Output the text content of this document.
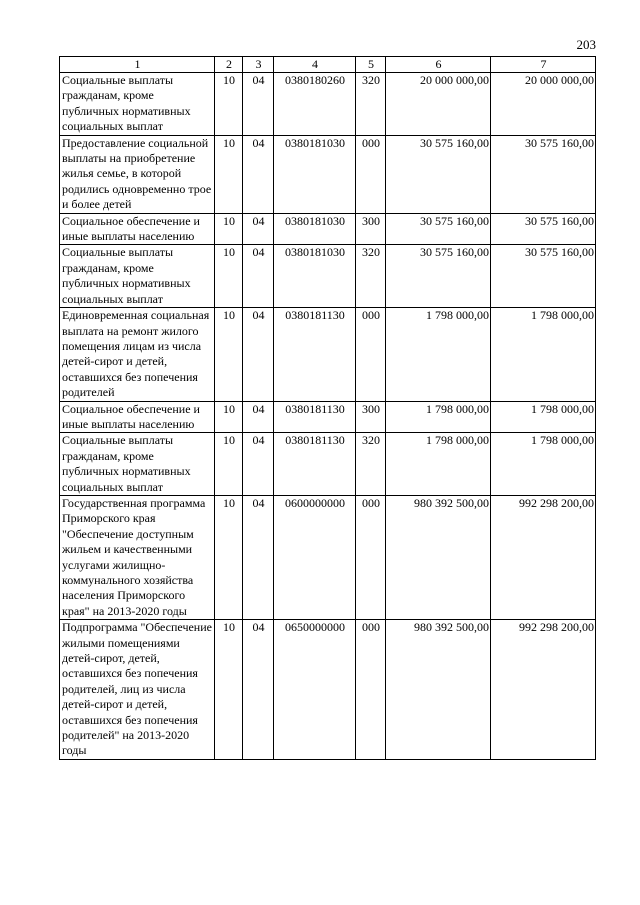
203
1	2	3	4	5	6	7
Социальные выплаты гражданам, кроме публичных нормативных социальных выплат	10	04	0380180260	320	20 000 000,00	20 000 000,00
Предоставление социальной выплаты на приобретение жилья семье, в которой родились одновременно трое и более детей	10	04	0380181030	000	30 575 160,00	30 575 160,00
Социальное обеспечение и иные выплаты населению	10	04	0380181030	300	30 575 160,00	30 575 160,00
Социальные выплаты гражданам, кроме публичных нормативных социальных выплат	10	04	0380181030	320	30 575 160,00	30 575 160,00
Единовременная социальная выплата на ремонт жилого помещения лицам из числа детей-сирот и детей, оставшихся без попечения родителей	10	04	0380181130	000	1 798 000,00	1 798 000,00
Социальное обеспечение и иные выплаты населению	10	04	0380181130	300	1 798 000,00	1 798 000,00
Социальные выплаты гражданам, кроме публичных нормативных социальных выплат	10	04	0380181130	320	1 798 000,00	1 798 000,00
Государственная программа Приморского края "Обеспечение доступным жильем и качественными услугами жилищно-коммунального хозяйства населения Приморского края" на 2013-2020 годы	10	04	0600000000	000	980 392 500,00	992 298 200,00
Подпрограмма "Обеспечение жилыми помещениями детей-сирот, детей, оставшихся без попечения родителей, лиц из числа детей-сирот и детей, оставшихся без попечения родителей" на 2013-2020 годы	10	04	0650000000	000	980 392 500,00	992 298 200,00
